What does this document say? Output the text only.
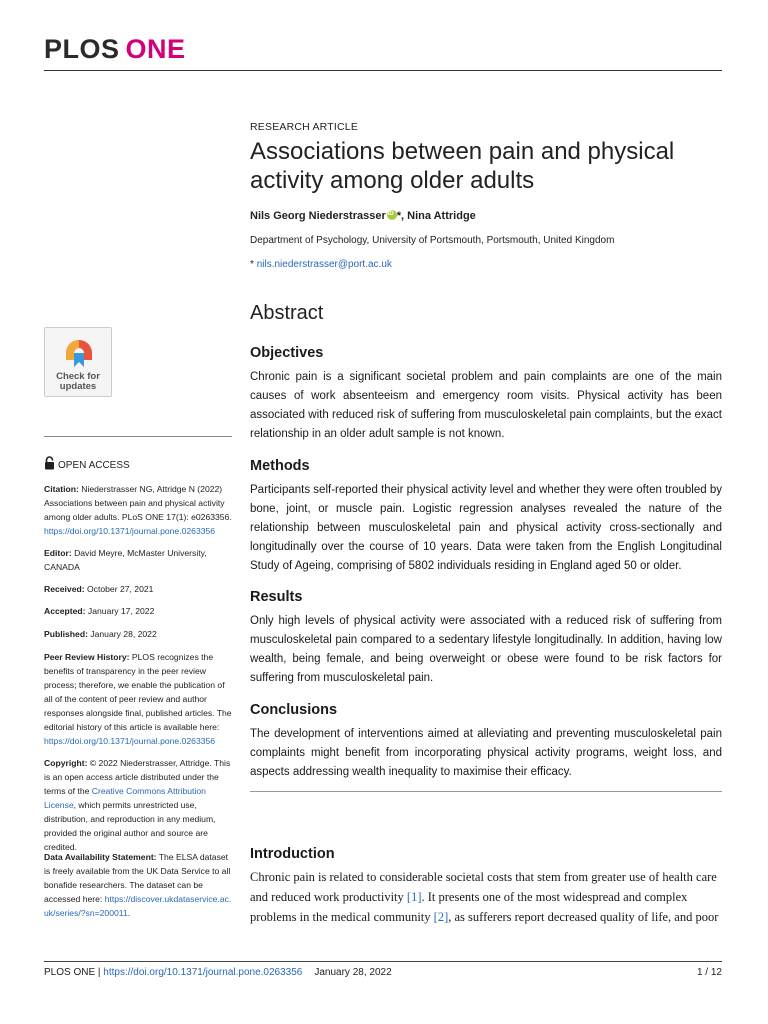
PLOS ONE
RESEARCH ARTICLE
Associations between pain and physical activity among older adults
Nils Georg NiederstrasseriD *, Nina Attridge
Department of Psychology, University of Portsmouth, Portsmouth, United Kingdom
* nils.niederstrasser@port.ac.uk
Abstract
Objectives

Chronic pain is a significant societal problem and pain complaints are one of the main causes of work absenteeism and emergency room visits. Physical activity has been associated with reduced risk of suffering from musculoskeletal pain complaints, but the exact relationship in an older adult sample is not known.

Methods

Participants self-reported their physical activity level and whether they were often troubled by bone, joint, or muscle pain. Logistic regression analyses revealed the nature of the relationship between musculoskeletal pain and physical activity cross-sectionally and longitudinally over the course of 10 years. Data were taken from the English Longitudinal Study of Ageing, comprising of 5802 individuals residing in England aged 50 or older.

Results

Only high levels of physical activity were associated with a reduced risk of suffering from musculoskeletal pain compared to a sedentary lifestyle longitudinally. In addition, having low wealth, being female, and being overweight or obese were found to be risk factors for suffering from musculoskeletal pain.

Conclusions

The development of interventions aimed at alleviating and preventing musculoskeletal pain complaints might benefit from incorporating physical activity programs, weight loss, and aspects addressing wealth inequality to maximise their efficacy.

Introduction

Chronic pain is related to considerable societal costs that stem from greater use of health care and reduced work productivity [1]. It presents one of the most widespread and complex problems in the medical community [2], as sufferers report decreased quality of life, and poor

Check for
updates
OPEN ACCESS
Citation: Niederstrasser NG, Attridge N (2022) Associations between pain and physical activity among older adults. PLoS ONE 17(1): e0263356. https://doi.org/10.1371/journal.pone.0263356
Editor: David Meyre, McMaster University, CANADA
Received: October 27, 2021
Accepted: January 17, 2022
Published: January 28, 2022
Peer Review History: PLOS recognizes the benefits of transparency in the peer review process; therefore, we enable the publication of all of the content of peer review and author responses alongside final, published articles. The editorial history of this article is available here: https://doi.org/10.1371/journal.pone.0263356
Copyright: © 2022 Niederstrasser, Attridge. This is an open access article distributed under the terms of the Creative Commons Attribution License, which permits unrestricted use, distribution, and reproduction in any medium, provided the original author and source are credited.
Data Availability Statement: The ELSA dataset is freely available from the UK Data Service to all bonafide researchers. The dataset can be accessed here: https://discover.ukdataservice.ac.uk/series/?sn=200011.
PLOS ONE | https://doi.org/10.1371/journal.pone.0263356 January 28, 2022	1 / 12
